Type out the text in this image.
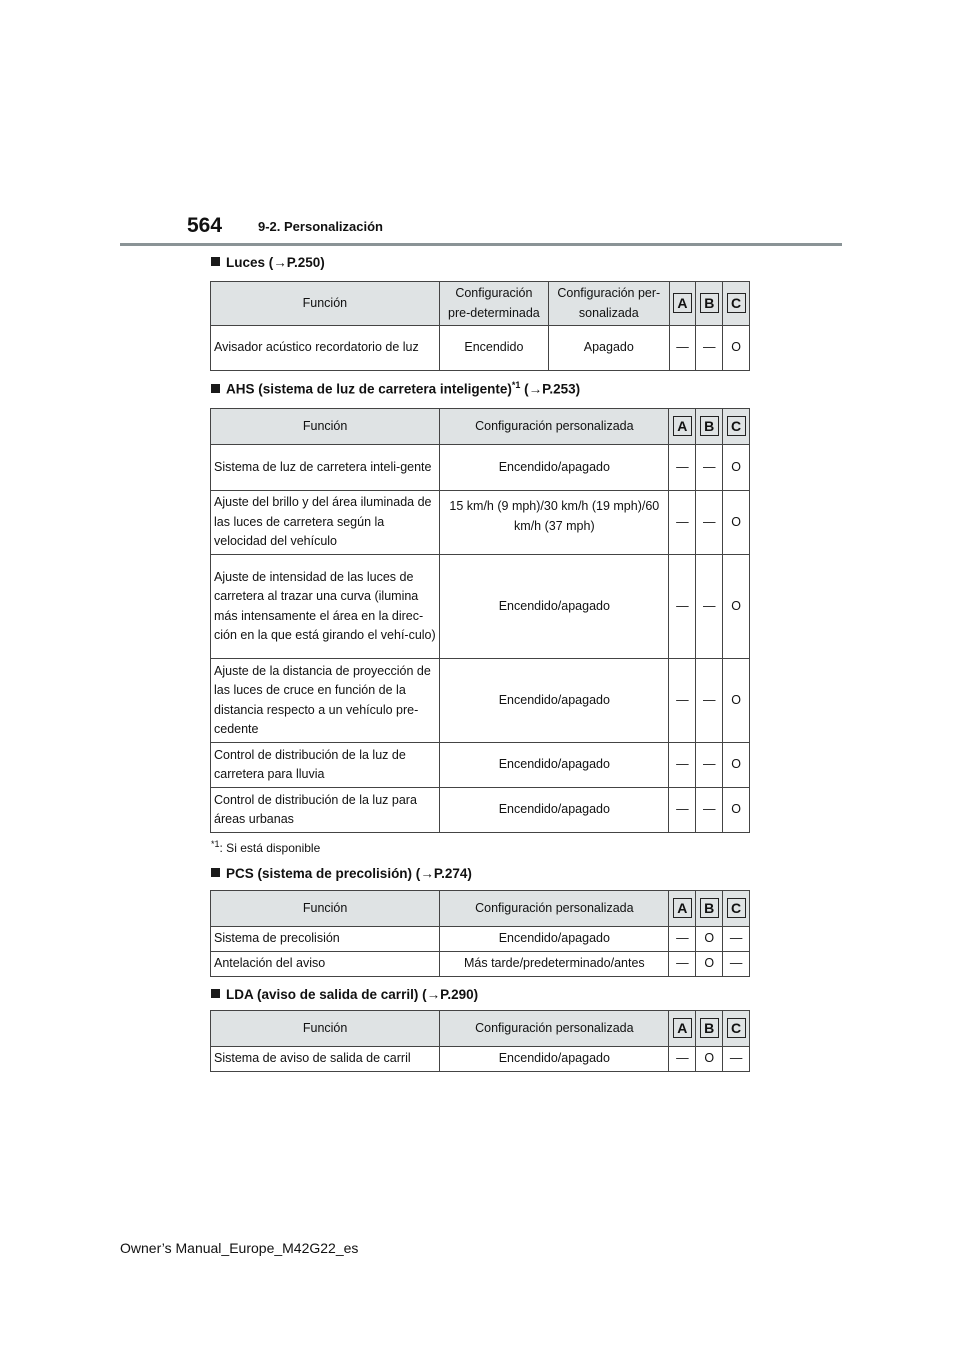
564	9-2. Personalización
Luces (→P.250)
Función	Configuración pre-determinada	Configuración per-sonalizada	A	B	C
Avisador acústico recordatorio de luz	Encendido	Apagado	—	—	O
AHS (sistema de luz de carretera inteligente)$^{*1}$ (→P.253)
Función	Configuración personalizada	A	B	C
Sistema de luz de carretera inteli-gente	Encendido/apagado	—	—	O
Ajuste del brillo y del área iluminada de las luces de carretera según la velocidad del vehículo	15 km/h (9 mph)/30 km/h (19 mph)/60 km/h (37 mph)	—	—	O
Ajuste de intensidad de las luces de carretera al trazar una curva (ilumina más intensamente el área en la direc-ción en la que está girando el vehí-culo)	Encendido/apagado	—	—	O
Ajuste de la distancia de proyección de las luces de cruce en función de la distancia respecto a un vehículo pre-cedente	Encendido/apagado	—	—	O
Control de distribución de la luz de carretera para lluvia	Encendido/apagado	—	—	O
Control de distribución de la luz para áreas urbanas	Encendido/apagado	—	—	O
$^{*1}$: Si está disponible
PCS (sistema de precolisión) (→P.274)
Función	Configuración personalizada	A	B	C
Sistema de precolisión	Encendido/apagado	—	O	—
Antelación del aviso	Más tarde/predeterminado/antes	—	O	—
LDA (aviso de salida de carril) (→P.290)
Función	Configuración personalizada	A	B	C
Sistema de aviso de salida de carril	Encendido/apagado	—	O	—
Owner’s Manual_Europe_M42G22_es
